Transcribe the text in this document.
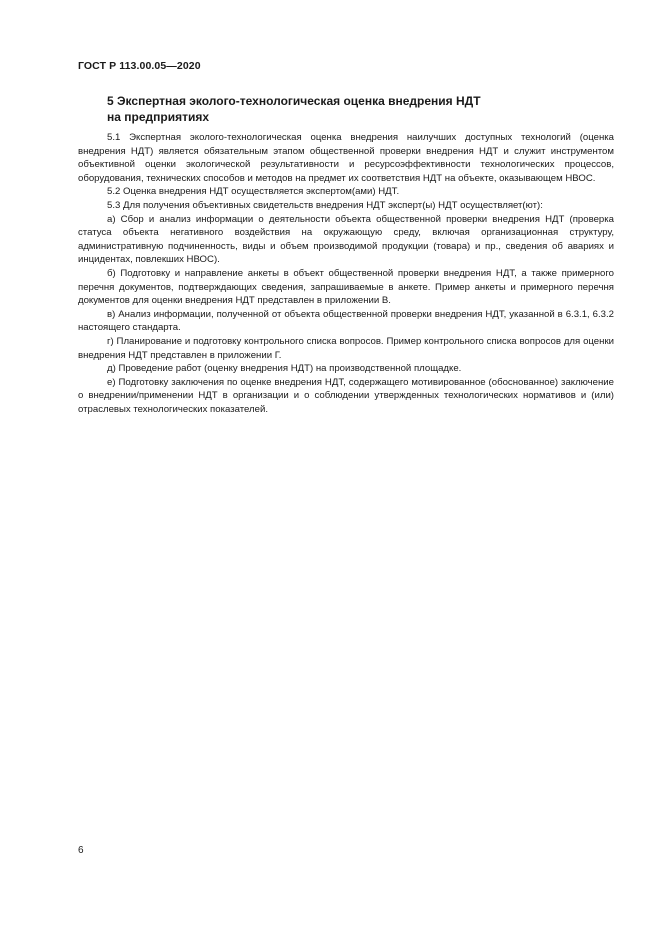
ГОСТ Р 113.00.05—2020
5 Экспертная эколого-технологическая оценка внедрения НДТ
на предприятиях

5.1 Экспертная эколого-технологическая оценка внедрения наилучших доступных технологий (оценка внедрения НДТ) является обязательным этапом общественной проверки внедрения НДТ и служит инструментом объективной оценки экологической результативности и ресурсоэффективности технологических процессов, оборудования, технических способов и методов на предмет их соответствия НДТ на объекте, оказывающем НВОС.

5.2 Оценка внедрения НДТ осуществляется экспертом(ами) НДТ.

5.3 Для получения объективных свидетельств внедрения НДТ эксперт(ы) НДТ осуществляет(ют):

а) Сбор и анализ информации о деятельности объекта общественной проверки внедрения НДТ (проверка статуса объекта негативного воздействия на окружающую среду, включая организационная структуру, административную подчиненность, виды и объем производимой продукции (товара) и пр., сведения об авариях и инцидентах, повлекших НВОС).

б) Подготовку и направление анкеты в объект общественной проверки внедрения НДТ, а также примерного перечня документов, подтверждающих сведения, запрашиваемые в анкете. Пример анкеты и примерного перечня документов для оценки внедрения НДТ представлен в приложении В.

в) Анализ информации, полученной от объекта общественной проверки внедрения НДТ, указанной в 6.3.1, 6.3.2 настоящего стандарта.

г) Планирование и подготовку контрольного списка вопросов. Пример контрольного списка вопросов для оценки внедрения НДТ представлен в приложении Г.

д) Проведение работ (оценку внедрения НДТ) на производственной площадке.

е) Подготовку заключения по оценке внедрения НДТ, содержащего мотивированное (обоснованное) заключение о внедрении/применении НДТ в организации и о соблюдении утвержденных технологических нормативов и (или) отраслевых технологических показателей.

6
